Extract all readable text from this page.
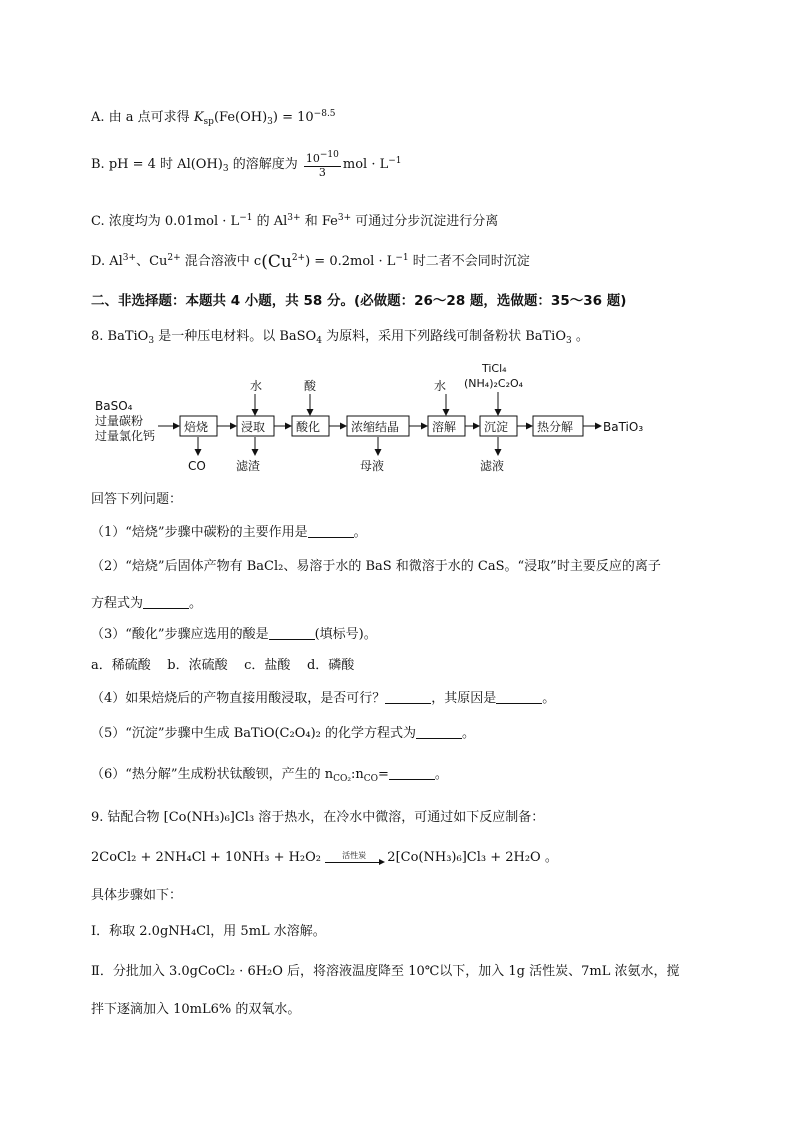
A. 由 a 点可求得 $K_{sp}(Fe(OH)_3) = 10^{-8.5}$
B. pH = 4 时 $Al(OH)_3$ 的溶解度为 $\frac{10^{-10}}{3}$ mol · $L^{-1}$
C. 浓度均为 $0.01mol \cdot L^{-1}$ 的 $Al^{3+}$ 和 $Fe^{3+}$ 可通过分步沉淀进行分离
D. $Al^{3+}$、$Cu^{2+}$ 混合溶液中 $c(Cu^{2+}) = 0.2mol \cdot L^{-1}$ 时二者不会同时沉淀
二、非选择题：本题共 4 小题，共 58 分。(必做题：26～28 题，选做题：35～36 题)
8. BaTiO$_3$ 是一种压电材料。以 BaSO$_4$ 为原料，采用下列路线可制备粉状 BaTiO$_3$ 。
BaSO₄
过量碳粉
过量氯化钙
焙烧	浸取	酸化	浓缩结晶	溶解 沉淀 热分解 BaTiO₃
水	酸	水
TiCl₄
(NH₄)₂C₂O₄
CO	滤渣	母液	滤液
回答下列问题：
（1）“焙烧”步骤中碳粉的主要作用是	。
（2）“焙烧”后固体产物有 BaCl₂、易溶于水的 BaS 和微溶于水的 CaS。“浸取”时主要反应的离子
方程式为	。
（3）“酸化”步骤应选用的酸是	(填标号)。
a．稀硫酸    b．浓硫酸    c．盐酸    d．磷酸
（4）如果焙烧后的产物直接用酸浸取，是否可行？	，其原因是	。
（5）“沉淀”步骤中生成 BaTiO(C₂O₄)₂ 的化学方程式为	。
（6）“热分解”生成粉状钛酸钡，产生的 $n_{CO_2}:n_{CO}=$	。
9. 钴配合物 [Co(NH₃)₆]Cl₃ 溶于热水，在冷水中微溶，可通过如下反应制备：
2CoCl₂ + 2NH₄Cl + 10NH₃ + H₂O₂	活性炭 2[Co(NH₃)₆]Cl₃ + 2H₂O 。
具体步骤如下：
Ⅰ．称取 2.0gNH₄Cl，用 5mL 水溶解。
Ⅱ．分批加入 3.0gCoCl₂ · 6H₂O 后，将溶液温度降至 10℃以下，加入 1g 活性炭、7mL 浓氨水，搅
拌下逐滴加入 10mL6% 的双氧水。
